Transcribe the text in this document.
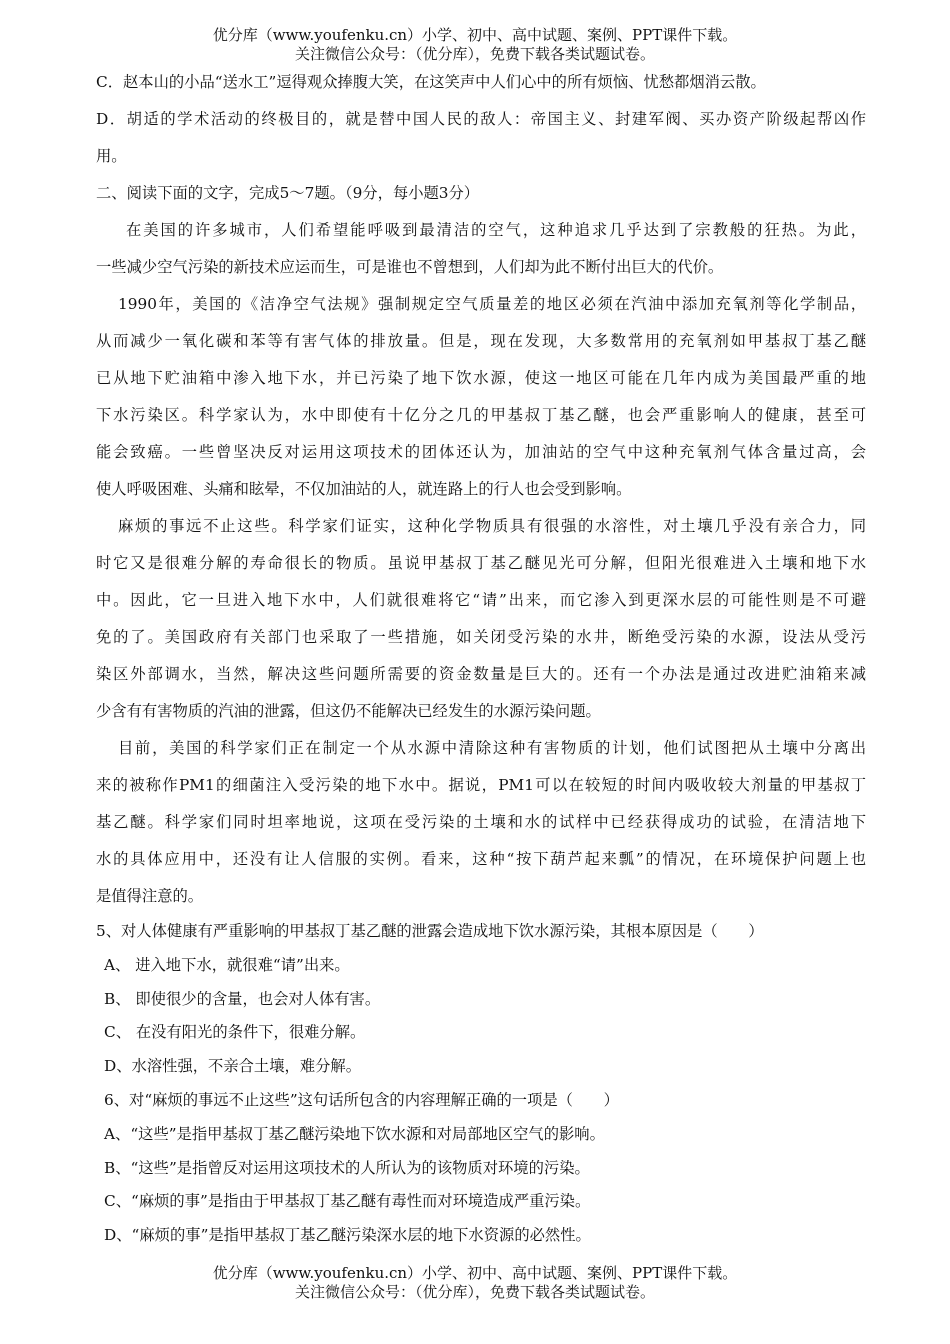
优分库（www.youfenku.cn）小学、初中、高中试题、案例、PPT课件下载。
关注微信公众号：（优分库），免费下载各类试题试卷。
C．赵本山的小品“送水工”逗得观众捧腹大笑，在这笑声中人们心中的所有烦恼、忧愁都烟消云散。
D．胡适的学术活动的终极目的，就是替中国人民的敌人：帝国主义、封建军阀、买办资产阶级起帮凶作
用。
二、阅读下面的文字，完成5～7题。（9分，每小题3分）
在美国的许多城市，人们希望能呼吸到最清洁的空气，这种追求几乎达到了宗教般的狂热。为此，
一些减少空气污染的新技术应运而生，可是谁也不曾想到，人们却为此不断付出巨大的代价。
1990年，美国的《洁净空气法规》强制规定空气质量差的地区必须在汽油中添加充氧剂等化学制品，
从而减少一氧化碳和苯等有害气体的排放量。但是，现在发现，大多数常用的充氧剂如甲基叔丁基乙醚
已从地下贮油箱中渗入地下水，并已污染了地下饮水源，使这一地区可能在几年内成为美国最严重的地
下水污染区。科学家认为，水中即使有十亿分之几的甲基叔丁基乙醚，也会严重影响人的健康，甚至可
能会致癌。一些曾坚决反对运用这项技术的团体还认为，加油站的空气中这种充氧剂气体含量过高，会
使人呼吸困难、头痛和眩晕，不仅加油站的人，就连路上的行人也会受到影响。
麻烦的事远不止这些。科学家们证实，这种化学物质具有很强的水溶性，对土壤几乎没有亲合力，同
时它又是很难分解的寿命很长的物质。虽说甲基叔丁基乙醚见光可分解，但阳光很难进入土壤和地下水
中。因此，它一旦进入地下水中，人们就很难将它“请”出来，而它渗入到更深水层的可能性则是不可避
免的了。美国政府有关部门也采取了一些措施，如关闭受污染的水井，断绝受污染的水源，设法从受污
染区外部调水，当然，解决这些问题所需要的资金数量是巨大的。还有一个办法是通过改进贮油箱来减
少含有有害物质的汽油的泄露，但这仍不能解决已经发生的水源污染问题。
目前，美国的科学家们正在制定一个从水源中清除这种有害物质的计划，他们试图把从土壤中分离出
来的被称作PM1的细菌注入受污染的地下水中。据说，PM1可以在较短的时间内吸收较大剂量的甲基叔丁
基乙醚。科学家们同时坦率地说，这项在受污染的土壤和水的试样中已经获得成功的试验，在清洁地下
水的具体应用中，还没有让人信服的实例。看来，这种“按下葫芦起来瓢”的情况，在环境保护问题上也
是值得注意的。
5、对人体健康有严重影响的甲基叔丁基乙醚的泄露会造成地下饮水源污染，其根本原因是（　　）
A、 进入地下水，就很难“请”出来。
B、 即使很少的含量，也会对人体有害。
C、 在没有阳光的条件下，很难分解。
D、水溶性强，不亲合土壤，难分解。
6、对“麻烦的事远不止这些”这句话所包含的内容理解正确的一项是（　　）
A、“这些”是指甲基叔丁基乙醚污染地下饮水源和对局部地区空气的影响。
B、“这些”是指曾反对运用这项技术的人所认为的该物质对环境的污染。
C、“麻烦的事”是指由于甲基叔丁基乙醚有毒性而对环境造成严重污染。
D、“麻烦的事”是指甲基叔丁基乙醚污染深水层的地下水资源的必然性。
优分库（www.youfenku.cn）小学、初中、高中试题、案例、PPT课件下载。
关注微信公众号：（优分库），免费下载各类试题试卷。
